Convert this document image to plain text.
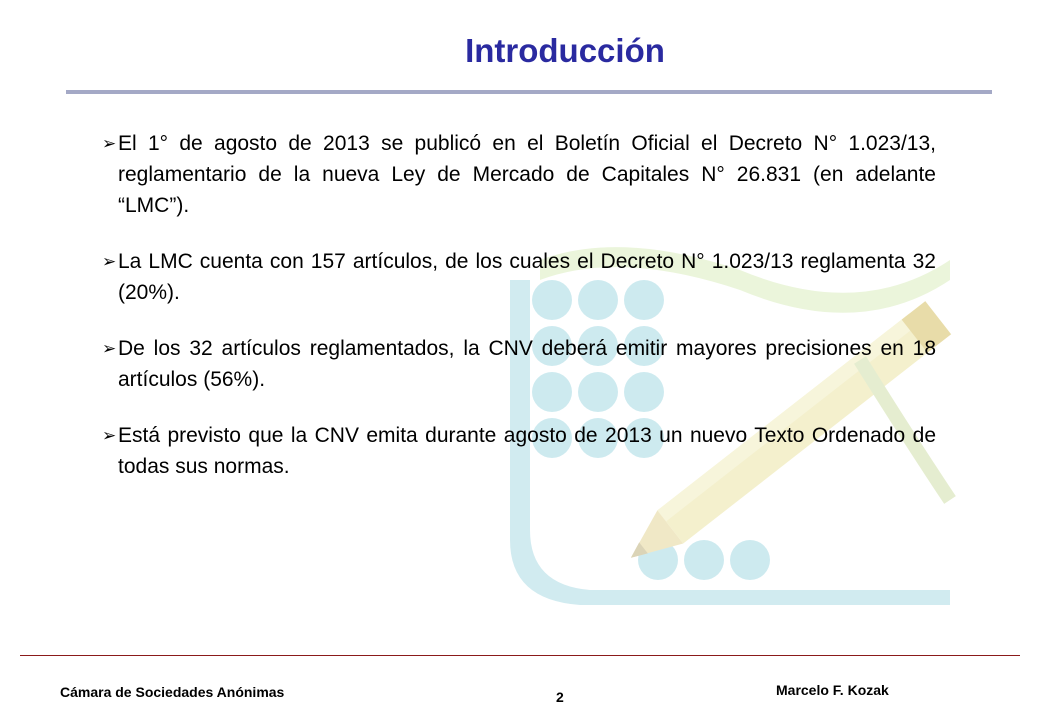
Introducción
➢ El 1° de agosto de 2013 se publicó en el Boletín Oficial el Decreto N° 1.023/13, reglamentario de la nueva Ley de Mercado de Capitales N° 26.831 (en adelante “LMC”).
➢ La LMC cuenta con 157 artículos, de los cuales el Decreto N° 1.023/13 reglamenta 32 (20%).
➢ De los 32 artículos reglamentados, la CNV deberá emitir mayores precisiones en 18 artículos (56%).
➢ Está previsto que la CNV emita durante agosto de 2013 un nuevo Texto Ordenado de todas sus normas.
Cámara de Sociedades Anónimas	2	Marcelo F. Kozak
